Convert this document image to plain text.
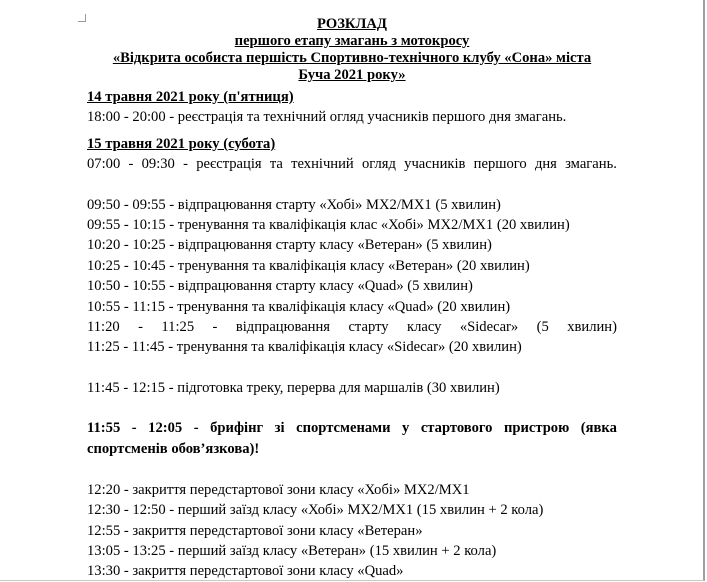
РОЗКЛАД
першого етапу змагань з мотокросу
«Відкрита особиста першість Спортивно-технічного клубу «Сона» міста
Буча 2021 року»

14 травня 2021 року (п'ятниця)

18:00 - 20:00 - реєстрація та технічний огляд учасників першого дня змагань.

15 травня 2021 року (субота)

07:00 - 09:30 - реєстрація та технічний огляд учасників першого дня змагань.

09:50 - 09:55 - відпрацювання старту «Хобі» MX2/MX1 (5 хвилин)

09:55 - 10:15 - тренування та кваліфікація клас «Хобі» MX2/MX1 (20 хвилин)

10:20 - 10:25 - відпрацювання старту класу «Ветеран» (5 хвилин)

10:25 - 10:45 - тренування та кваліфікація класу «Ветеран» (20 хвилин)

10:50 - 10:55 - відпрацювання старту класу «Quad» (5 хвилин)

10:55 - 11:15 - тренування та кваліфікація класу «Quad» (20 хвилин)

11:20 - 11:25 - відпрацювання старту класу «Sidecar» (5 хвилин)

11:25 - 11:45 - тренування та кваліфікація класу «Sidecar» (20 хвилин)

11:45 - 12:15 - підготовка треку, перерва для маршалів (30 хвилин)

11:55 - 12:05 - брифінг зі спортсменами у стартового пристрою (явка

спортсменів обов’язкова)!

12:20 - закриття передстартової зони класу «Хобі» MX2/MX1

12:30 - 12:50 - перший заїзд класу «Хобі» MX2/MX1 (15 хвилин + 2 кола)

12:55 - закриття передстартової зони класу «Ветеран»

13:05 - 13:25 - перший заїзд класу «Ветеран» (15 хвилин + 2 кола)

13:30 - закриття передстартової зони класу «Quad»
